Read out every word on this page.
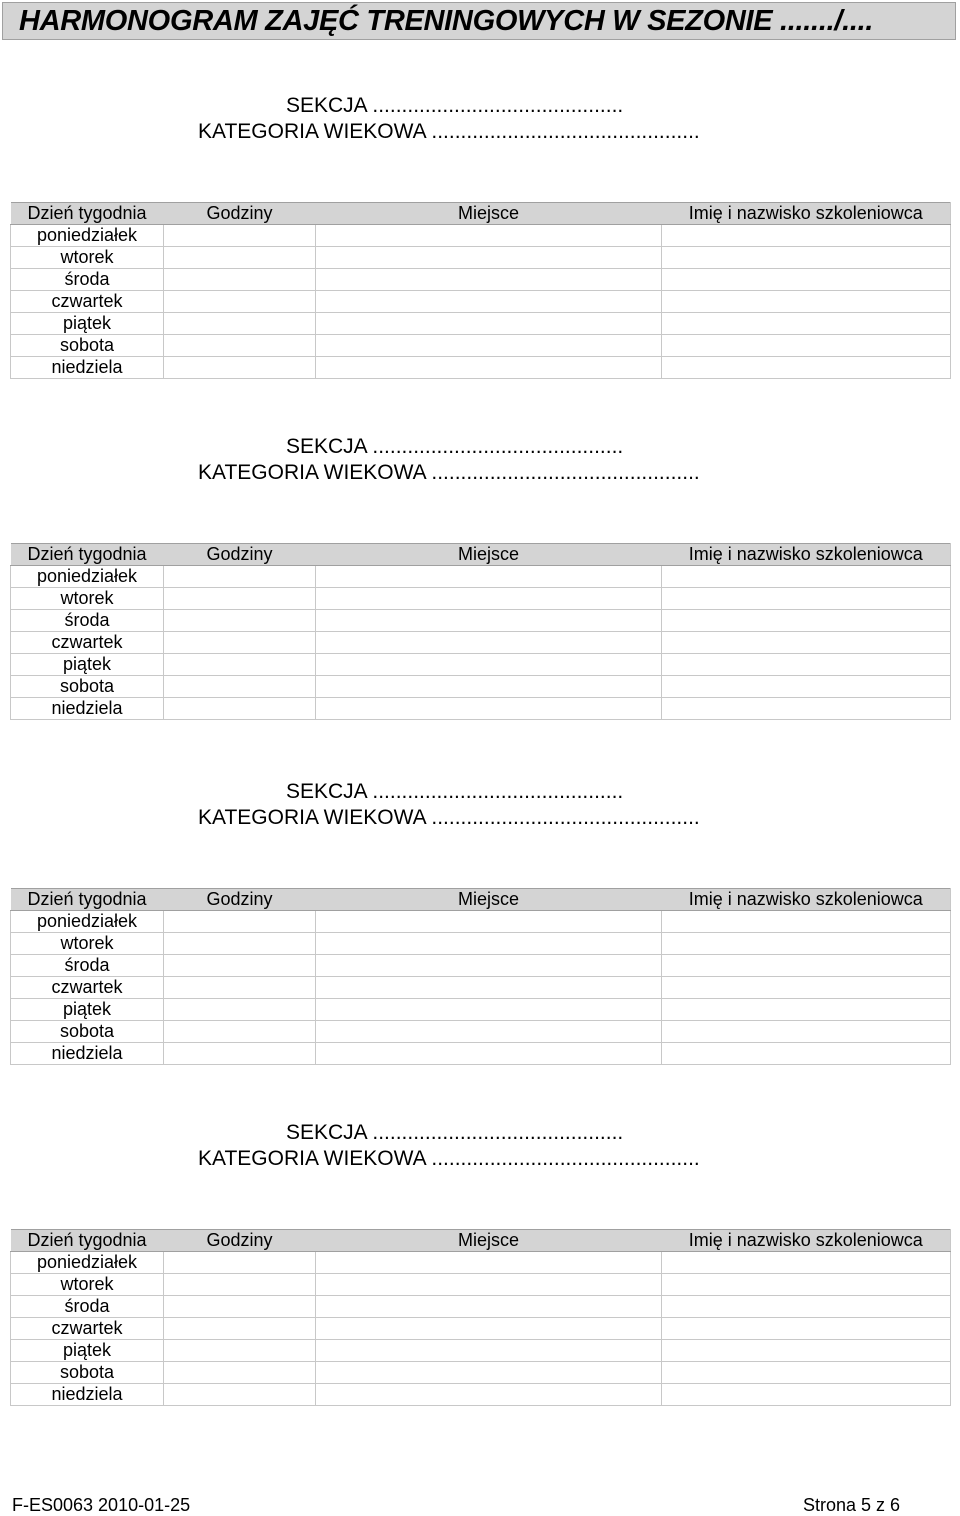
HARMONOGRAM ZAJĘĆ TRENINGOWYCH W SEZONIE ......./....
SEKCJA ...........................................
KATEGORIA WIEKOWA ..............................................
Dzień tygodnia	Godziny	Miejsce	Imię i nazwisko szkoleniowca
poniedziałek			
wtorek			
środa			
czwartek			
piątek			
sobota			
niedziela			
SEKCJA ...........................................
KATEGORIA WIEKOWA ..............................................
Dzień tygodnia	Godziny	Miejsce	Imię i nazwisko szkoleniowca
poniedziałek			
wtorek			
środa			
czwartek			
piątek			
sobota			
niedziela			
SEKCJA ...........................................
KATEGORIA WIEKOWA ..............................................
Dzień tygodnia	Godziny	Miejsce	Imię i nazwisko szkoleniowca
poniedziałek			
wtorek			
środa			
czwartek			
piątek			
sobota			
niedziela			
SEKCJA ...........................................
KATEGORIA WIEKOWA ..............................................
Dzień tygodnia	Godziny	Miejsce	Imię i nazwisko szkoleniowca
poniedziałek			
wtorek			
środa			
czwartek			
piątek			
sobota			
niedziela			
F-ES0063 2010-01-25	Strona 5 z 6
